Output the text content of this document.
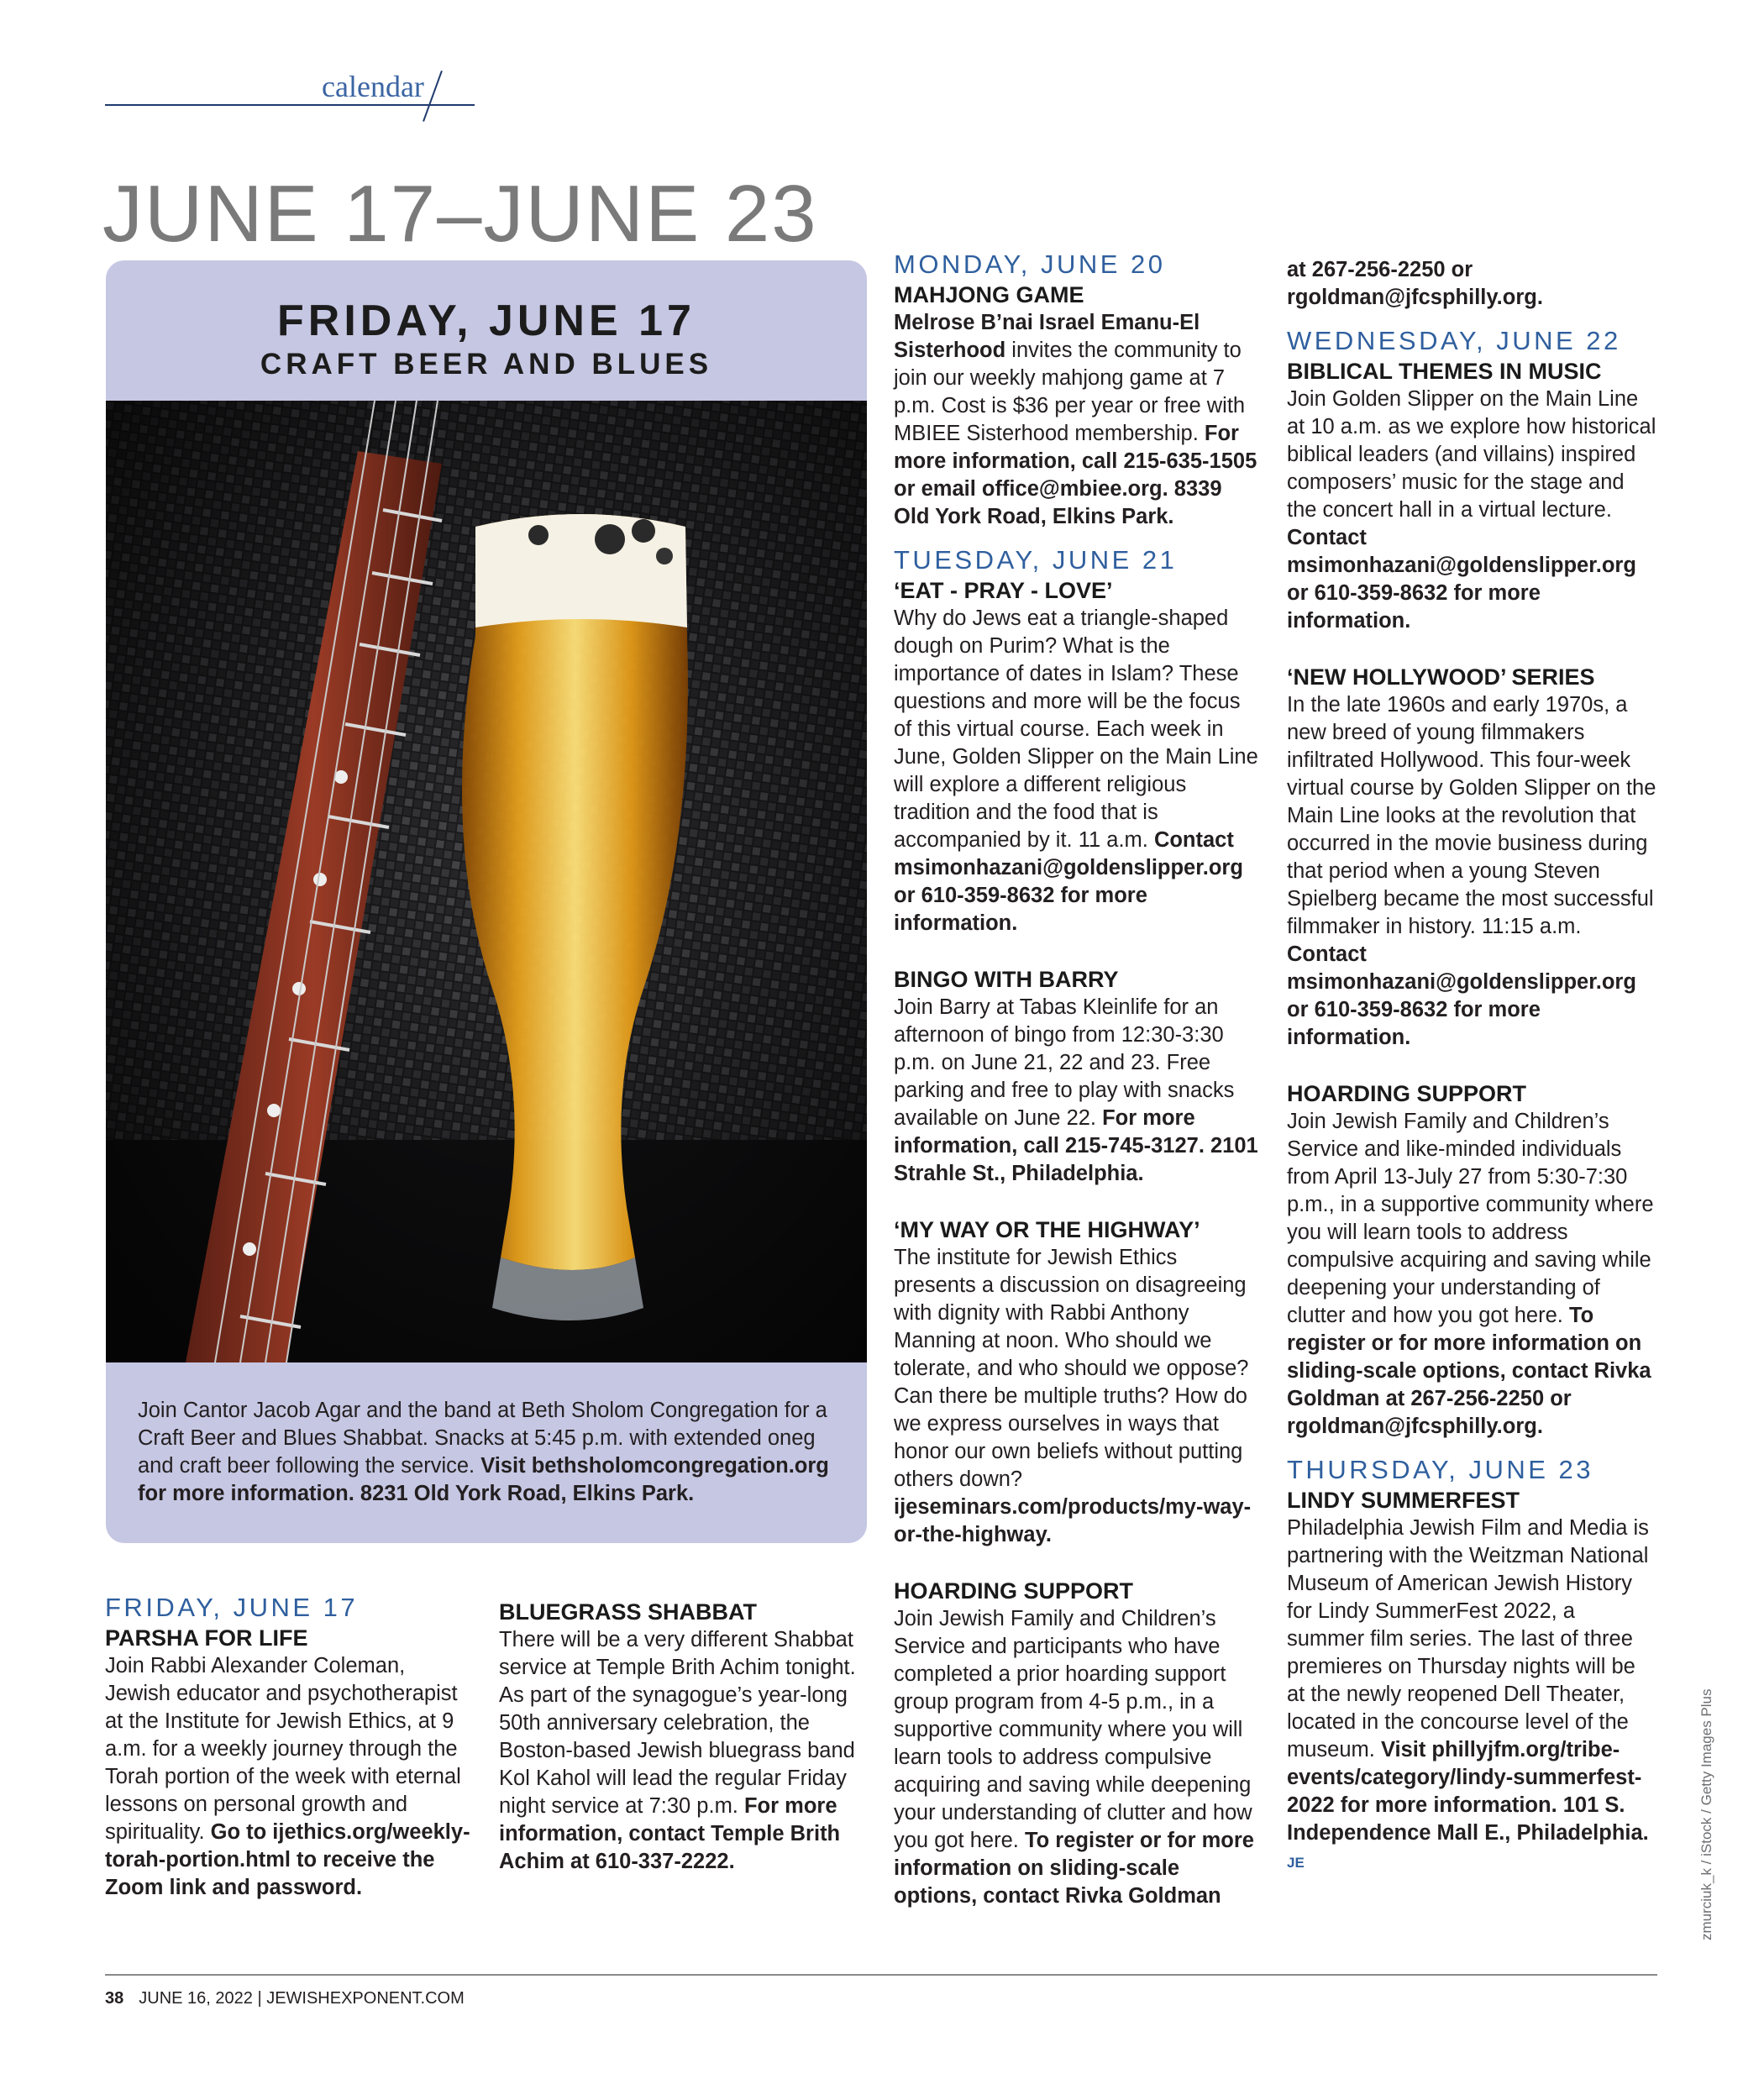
calendar
JUNE 17–JUNE 23
FRIDAY, JUNE 17
CRAFT BEER AND BLUES

Join Cantor Jacob Agar and the band at Beth Sholom Congregation for a Craft Beer and Blues Shabbat. Snacks at 5:45 p.m. with extended oneg and craft beer following the service. Visit bethsholomcongregation.org for more information. 8231 Old York Road, Elkins Park.

FRIDAY, JUNE 17

PARSHA FOR LIFE

Join Rabbi Alexander Coleman, Jewish educator and psychotherapist at the Institute for Jewish Ethics, at 9 a.m. for a weekly journey through the Torah portion of the week with eternal lessons on personal growth and spirituality. Go to ijethics.org/weekly-torah-portion.html to receive the Zoom link and password.

BLUEGRASS SHABBAT

There will be a very different Shabbat service at Temple Brith Achim tonight. As part of the synagogue’s year-long 50th anniversary celebration, the Boston-based Jewish bluegrass band Kol Kahol will lead the regular Friday night service at 7:30 p.m. For more information, contact Temple Brith Achim at 610-337-2222.

MONDAY, JUNE 20

MAHJONG GAME

Melrose B’nai Israel Emanu-El Sisterhood invites the community to join our weekly mahjong game at 7 p.m. Cost is $36 per year or free with MBIEE Sisterhood membership. For more information, call 215-635-1505 or email office@mbiee.org. 8339 Old York Road, Elkins Park.

TUESDAY, JUNE 21

‘EAT - PRAY - LOVE’

Why do Jews eat a triangle-shaped dough on Purim? What is the importance of dates in Islam? These questions and more will be the focus of this virtual course. Each week in June, Golden Slipper on the Main Line will explore a different religious tradition and the food that is accompanied by it. 11 a.m. Contact msimonhazani@goldenslipper.org or 610-359-8632 for more information.

BINGO WITH BARRY

Join Barry at Tabas Kleinlife for an afternoon of bingo from 12:30-3:30 p.m. on June 21, 22 and 23. Free parking and free to play with snacks available on June 22. For more information, call 215-745-3127. 2101 Strahle St., Philadelphia.

‘MY WAY OR THE HIGHWAY’

The institute for Jewish Ethics presents a discussion on disagreeing with dignity with Rabbi Anthony Manning at noon. Who should we tolerate, and who should we oppose? Can there be multiple truths? How do we express ourselves in ways that honor our own beliefs without putting others down? ijeseminars.com/products/my-way-or-the-highway.

HOARDING SUPPORT

Join Jewish Family and Children’s Service and participants who have completed a prior hoarding support group program from 4-5 p.m., in a supportive community where you will learn tools to address compulsive acquiring and saving while deepening your understanding of clutter and how you got here. To register or for more information on sliding-scale options, contact Rivka Goldman

at 267-256-2250 or rgoldman@jfcsphilly.org.

WEDNESDAY, JUNE 22

BIBLICAL THEMES IN MUSIC

Join Golden Slipper on the Main Line at 10 a.m. as we explore how historical biblical leaders (and villains) inspired composers’ music for the stage and the concert hall in a virtual lecture. Contact msimonhazani@goldenslipper.org or 610-359-8632 for more information.

‘NEW HOLLYWOOD’ SERIES

In the late 1960s and early 1970s, a new breed of young filmmakers infiltrated Hollywood. This four-week virtual course by Golden Slipper on the Main Line looks at the revolution that occurred in the movie business during that period when a young Steven Spielberg became the most successful filmmaker in history. 11:15 a.m. Contact msimonhazani@goldenslipper.org or 610-359-8632 for more information.

HOARDING SUPPORT

Join Jewish Family and Children’s Service and like-minded individuals from April 13-July 27 from 5:30-7:30 p.m., in a supportive community where you will learn tools to address compulsive acquiring and saving while deepening your understanding of clutter and how you got here. To register or for more information on sliding-scale options, contact Rivka Goldman at 267-256-2250 or rgoldman@jfcsphilly.org.

THURSDAY, JUNE 23

LINDY SUMMERFEST

Philadelphia Jewish Film and Media is partnering with the Weitzman National Museum of American Jewish History for Lindy SummerFest 2022, a summer film series. The last of three premieres on Thursday nights will be at the newly reopened Dell Theater, located in the concourse level of the museum. Visit phillyjfm.org/tribe-events/category/lindy-summerfest-2022 for more information. 101 S. Independence Mall E., Philadelphia. JE	zmurciuk_k / iStock / Getty Images Plus
38 JUNE 16, 2022 | JEWISHEXPONENT.COM
